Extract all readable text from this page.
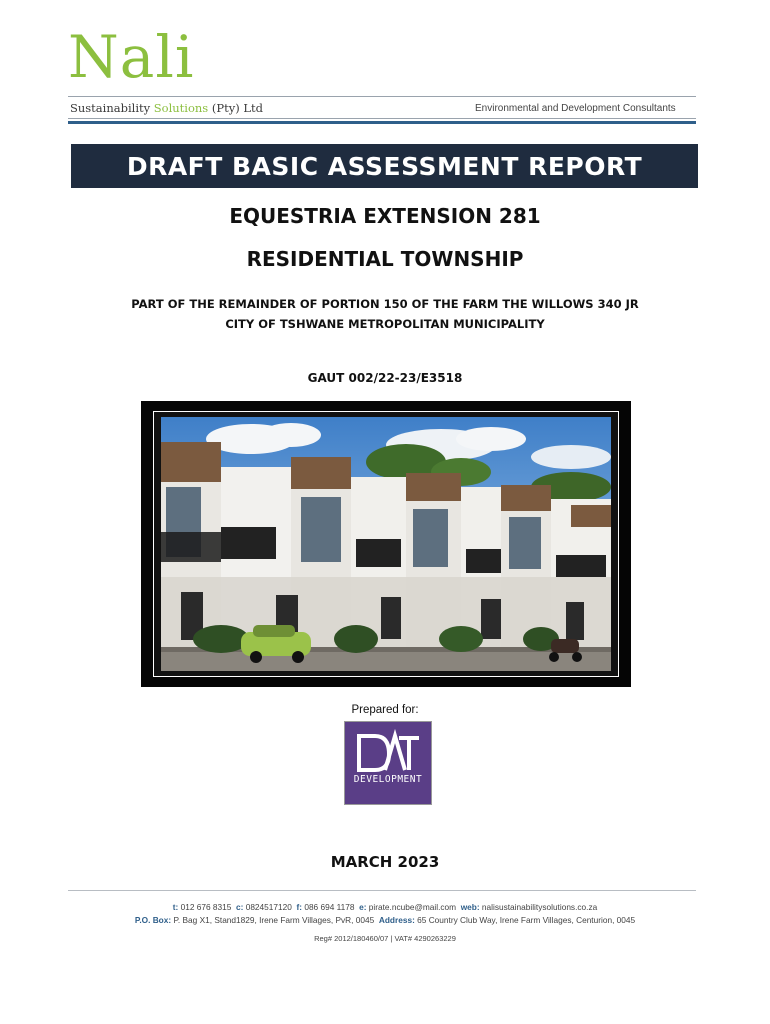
Nali
Sustainability Solutions (Pty) Ltd	Environmental and Development Consultants
DRAFT BASIC ASSESSMENT REPORT
EQUESTRIA EXTENSION 281
RESIDENTIAL TOWNSHIP
PART OF THE REMAINDER OF PORTION 150 OF THE FARM THE WILLOWS 340 JR
CITY OF TSHWANE METROPOLITAN MUNICIPALITY
GAUT 002/22-23/E3518
Prepared for:
DEVELOPMENT
MARCH 2023
t: 012 676 8315 c: 0824517120 f: 086 694 1178 e: pirate.ncube@mail.com web: nalisustainabilitysolutions.co.za
P.O. Box: P. Bag X1, Stand1829, Irene Farm Villages, PvR, 0045 Address: 65 Country Club Way, Irene Farm Villages, Centurion, 0045
Reg# 2012/180460/07 | VAT# 4290263229
